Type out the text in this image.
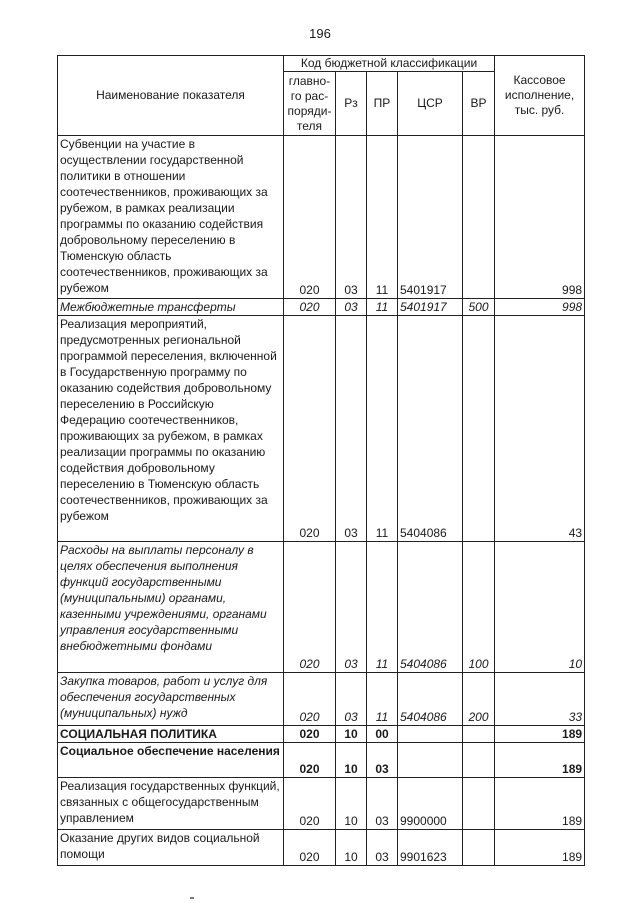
196
Наименование показателя	Код бюджетной классификации					Кассовое исполнение, тыс. руб.
	главно-го рас-поряди-теля	Рз	ПР	ЦСР	ВР	
Субвенции на участие в осуществлении государственной политики в отношении соотечественников, проживающих за рубежом, в рамках реализации программы по оказанию содействия добровольному переселению в Тюменскую область соотечественников, проживающих за рубежом	020	03	11	5401917		998
Межбюджетные трансферты	020	03	11	5401917	500	998
Реализация мероприятий, предусмотренных региональной программой переселения, включенной в Государственную программу по оказанию содействия добровольному переселению в Российскую Федерацию соотечественников, проживающих за рубежом, в рамках реализации программы по оказанию содействия добровольному переселению в Тюменскую область соотечественников, проживающих за рубежом	020	03	11	5404086		43
Расходы на выплаты персоналу в целях обеспечения выполнения функций государственными (муниципальными) органами, казенными учреждениями, органами управления государственными внебюджетными фондами	020	03	11	5404086	100	10
Закупка товаров, работ и услуг для обеспечения государственных (муниципальных) нужд	020	03	11	5404086	200	33
СОЦИАЛЬНАЯ ПОЛИТИКА	020	10	00			189
Социальное обеспечение населения	020	10	03			189
Реализация государственных функций, связанных с общегосударственным управлением	020	10	03	9900000		189
Оказание других видов социальной помощи	020	10	03	9901623		189
